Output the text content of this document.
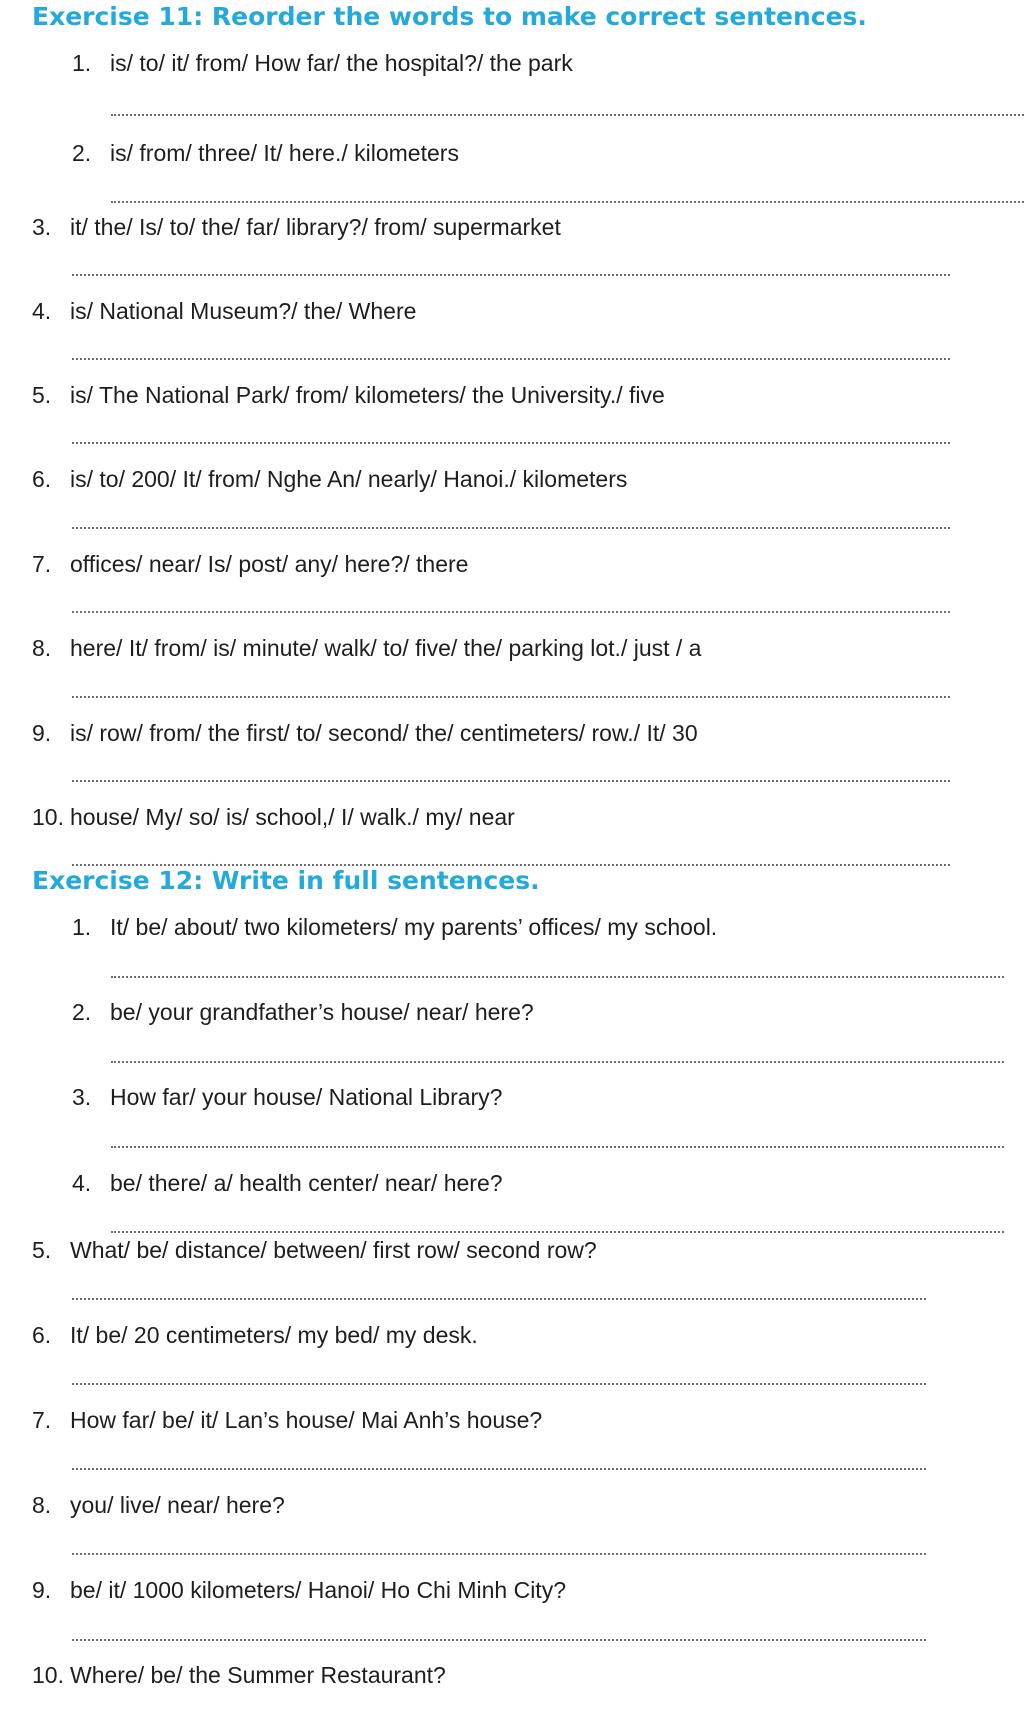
Exercise 11: Reorder the words to make correct sentences.
1. is/ to/ it/ from/ How far/ the hospital?/ the park
2. is/ from/ three/ It/ here./ kilometers
3. it/ the/ Is/ to/ the/ far/ library?/ from/ supermarket
4. is/ National Museum?/ the/ Where
5. is/ The National Park/ from/ kilometers/ the University./ five
6. is/ to/ 200/ It/ from/ Nghe An/ nearly/ Hanoi./ kilometers
7. offices/ near/ Is/ post/ any/ here?/ there
8. here/ It/ from/ is/ minute/ walk/ to/ five/ the/ parking lot./ just / a
9. is/ row/ from/ the first/ to/ second/ the/ centimeters/ row./ It/ 30
10. house/ My/ so/ is/ school,/ I/ walk./ my/ near
Exercise 12: Write in full sentences.
1. It/ be/ about/ two kilometers/ my parents’ offices/ my school.
2. be/ your grandfather’s house/ near/ here?
3. How far/ your house/ National Library?
4. be/ there/ a/ health center/ near/ here?
5. What/ be/ distance/ between/ first row/ second row?
6. It/ be/ 20 centimeters/ my bed/ my desk.
7. How far/ be/ it/ Lan’s house/ Mai Anh’s house?
8. you/ live/ near/ here?
9. be/ it/ 1000 kilometers/ Hanoi/ Ho Chi Minh City?
10. Where/ be/ the Summer Restaurant?
